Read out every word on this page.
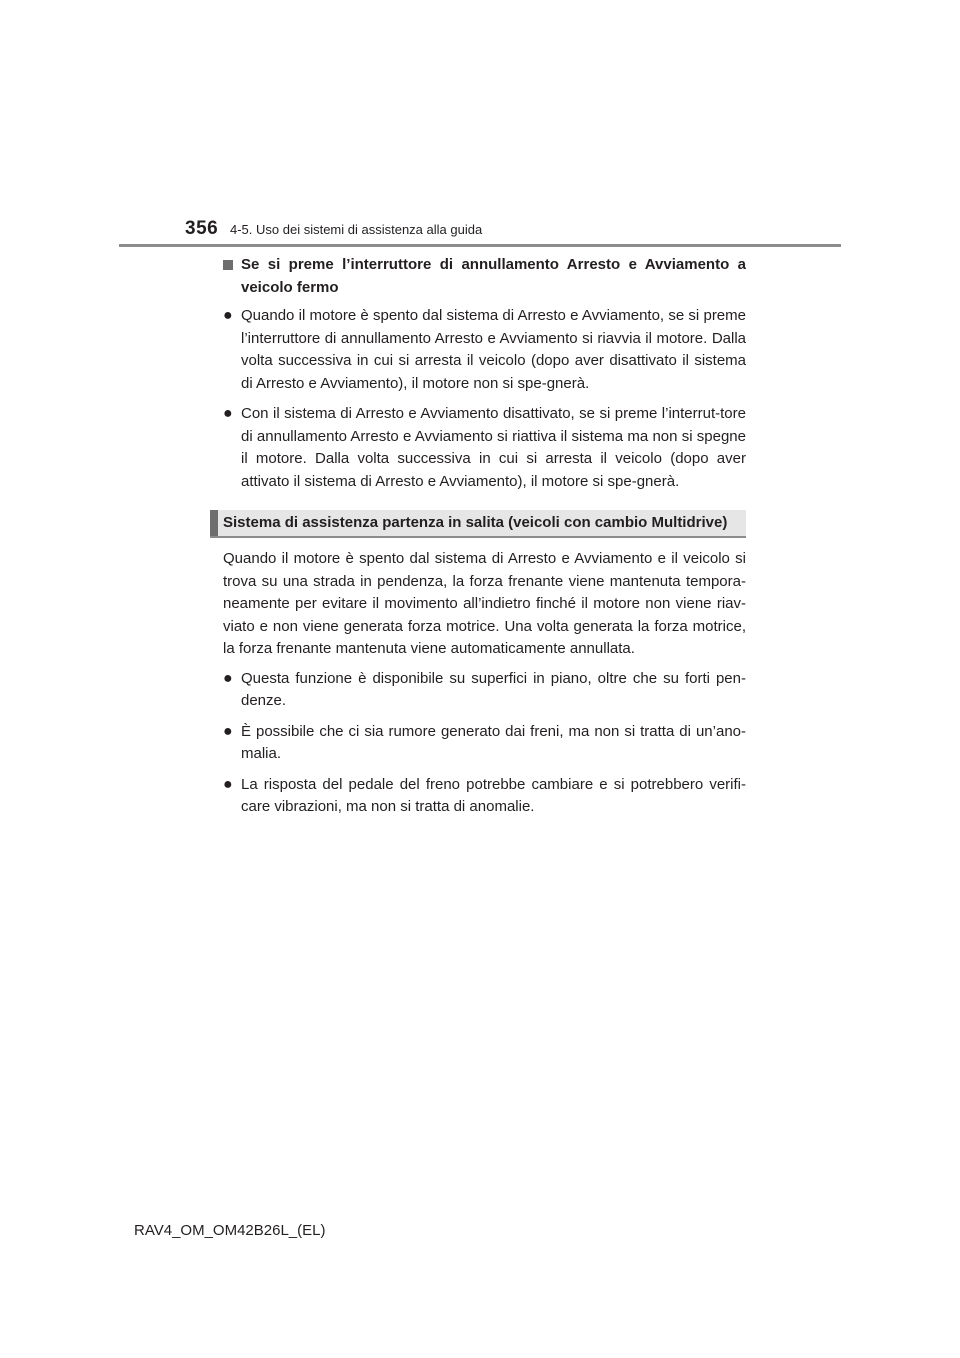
356 4-5. Uso dei sistemi di assistenza alla guida
Se si preme l’interruttore di annullamento Arresto e Avviamento a veicolo fermo
● Quando il motore è spento dal sistema di Arresto e Avviamento, se si preme l’interruttore di annullamento Arresto e Avviamento si riavvia il motore. Dalla volta successiva in cui si arresta il veicolo (dopo aver disattivato il sistema di Arresto e Avviamento), il motore non si spe-gnerà.

● Con il sistema di Arresto e Avviamento disattivato, se si preme l’interrut-tore di annullamento Arresto e Avviamento si riattiva il sistema ma non si spegne il motore. Dalla volta successiva in cui si arresta il veicolo (dopo aver attivato il sistema di Arresto e Avviamento), il motore si spe-gnerà.

Sistema di assistenza partenza in salita (veicoli con cambio Multidrive)

Quando il motore è spento dal sistema di Arresto e Avviamento e il veicolo si trova su una strada in pendenza, la forza frenante viene mantenuta tempora-neamente per evitare il movimento all’indietro finché il motore non viene riav-viato e non viene generata forza motrice. Una volta generata la forza motrice, la forza frenante mantenuta viene automaticamente annullata.

● Questa funzione è disponibile su superfici in piano, oltre che su forti pen-denze.

● È possibile che ci sia rumore generato dai freni, ma non si tratta di un’ano-malia.

● La risposta del pedale del freno potrebbe cambiare e si potrebbero verifi-care vibrazioni, ma non si tratta di anomalie.

RAV4_OM_OM42B26L_(EL)
